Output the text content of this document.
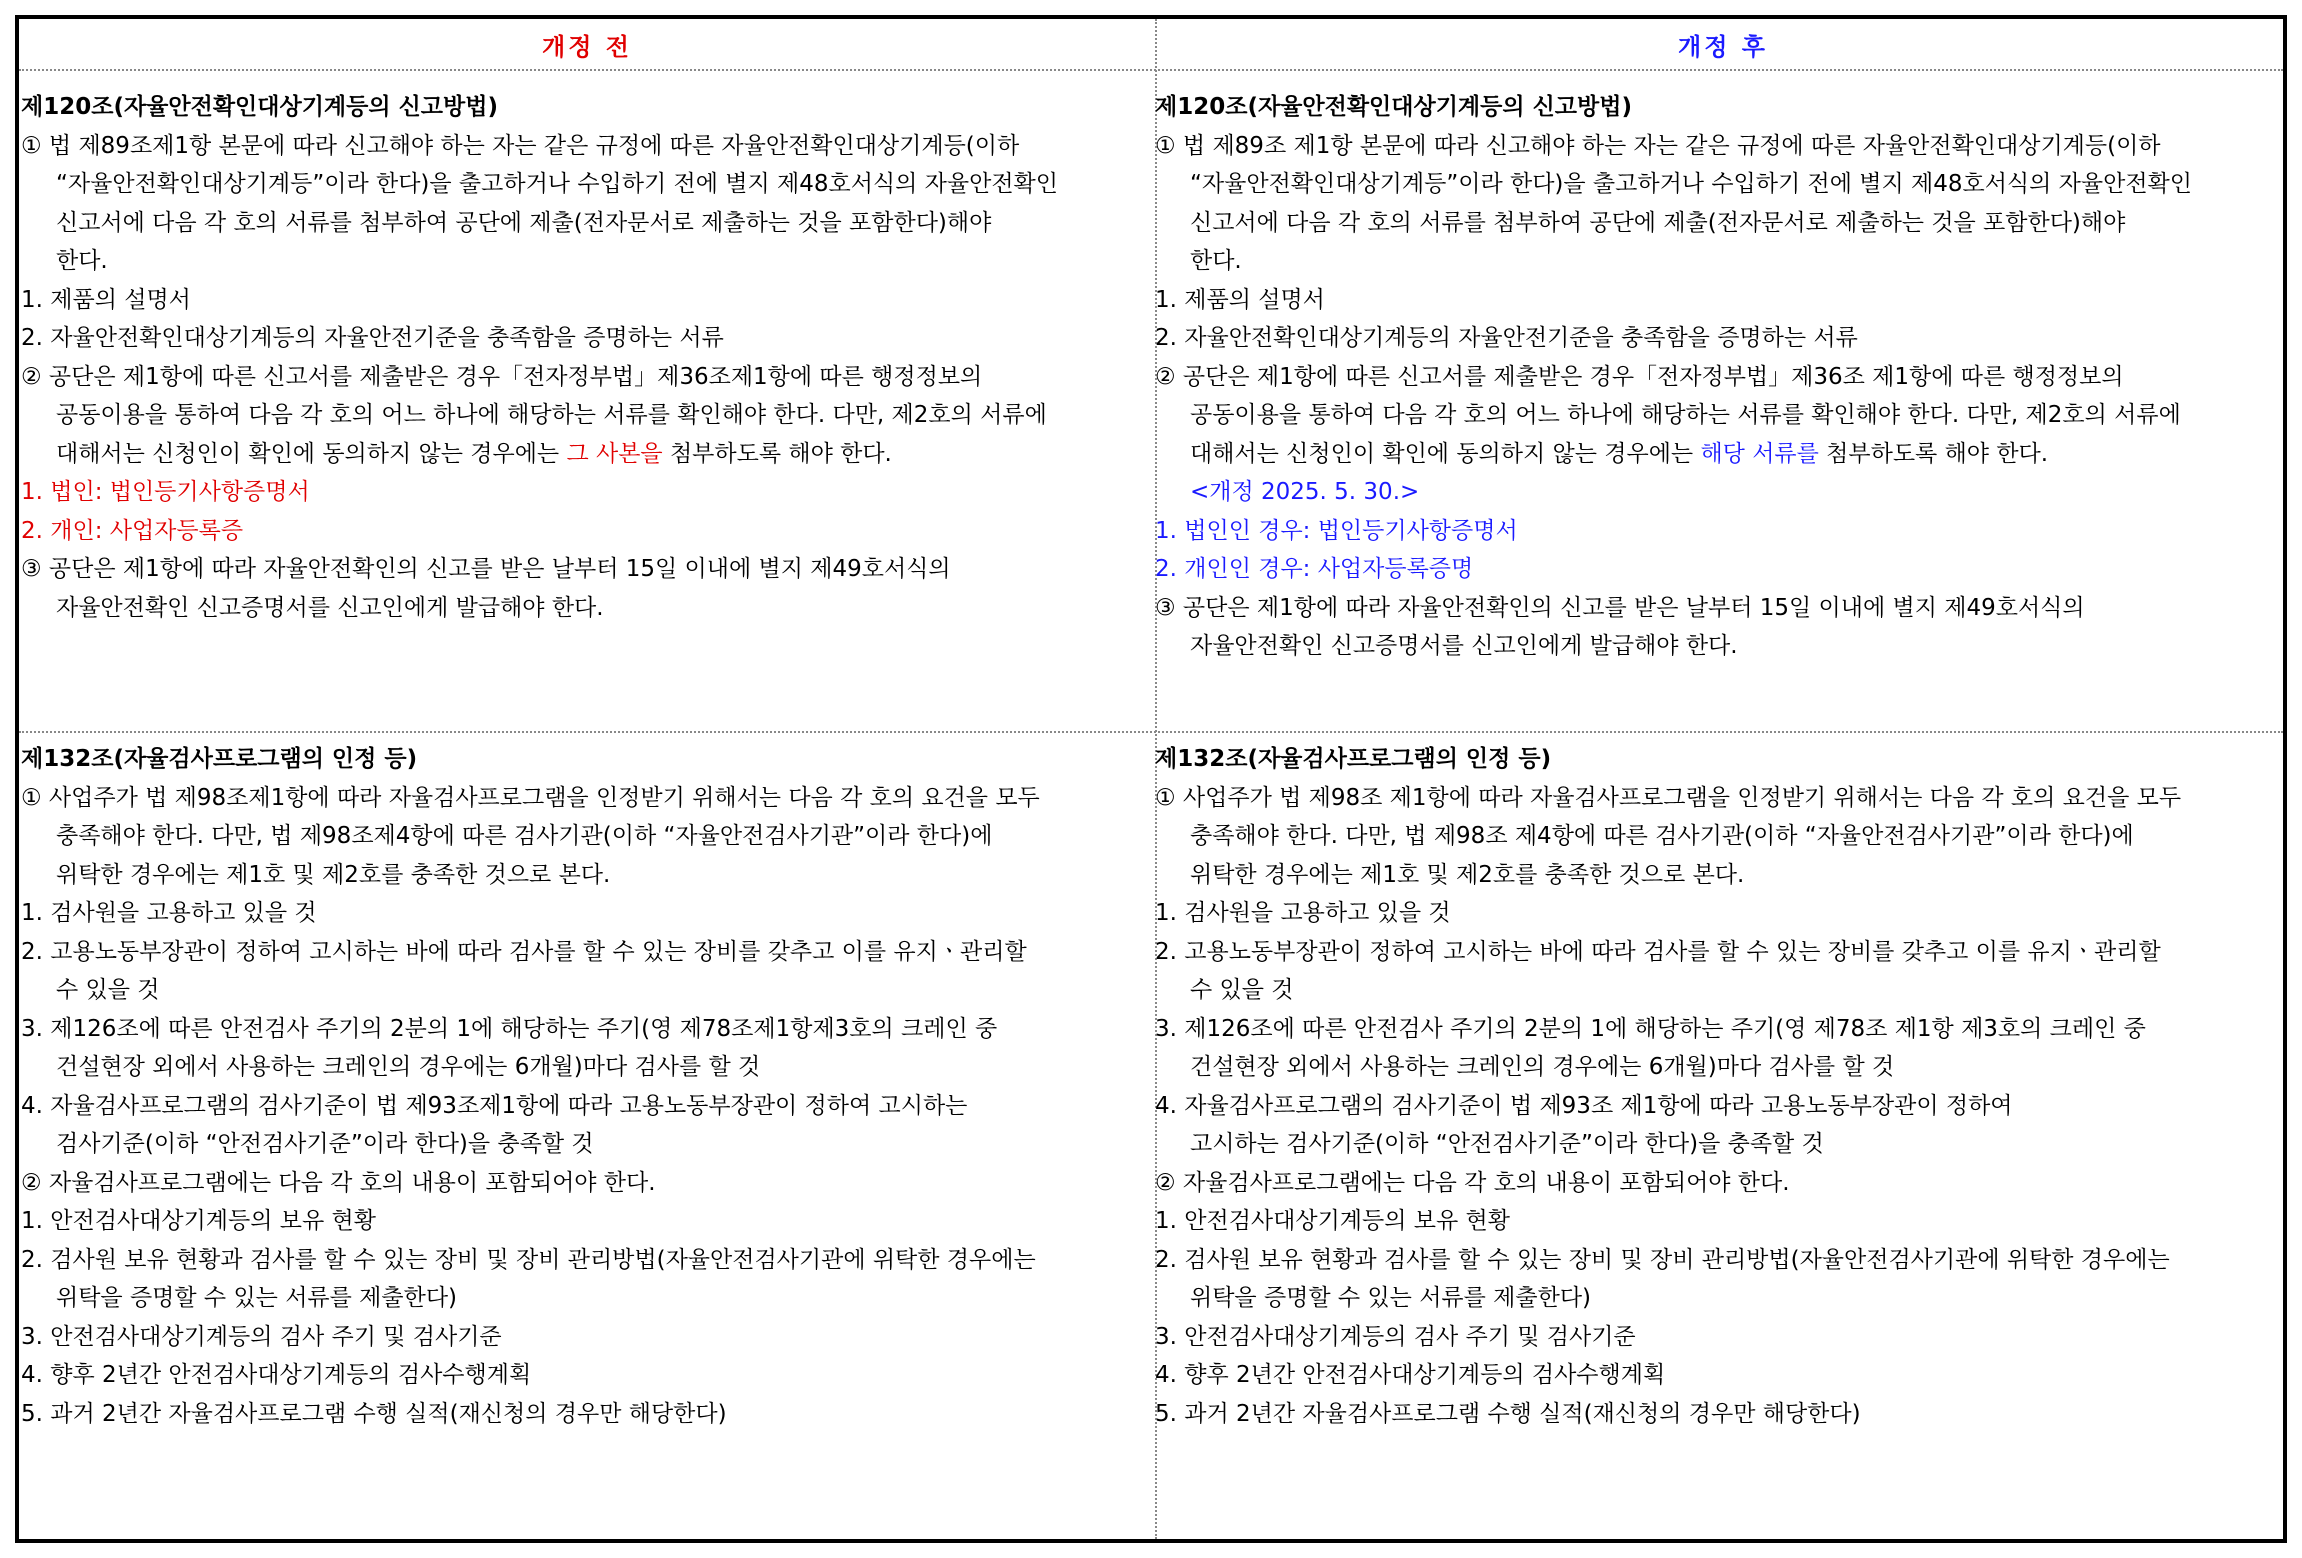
개정 전	개정 후
제120조(자율안전확인대상기계등의 신고방법)
① 법 제89조제1항 본문에 따라 신고해야 하는 자는 같은 규정에 따른 자율안전확인대상기계등(이하
“자율안전확인대상기계등”이라 한다)을 출고하거나 수입하기 전에 별지 제48호서식의 자율안전확인
신고서에 다음 각 호의 서류를 첨부하여 공단에 제출(전자문서로 제출하는 것을 포함한다)해야
한다.
1. 제품의 설명서
2. 자율안전확인대상기계등의 자율안전기준을 충족함을 증명하는 서류
② 공단은 제1항에 따른 신고서를 제출받은 경우「전자정부법」제36조제1항에 따른 행정정보의
공동이용을 통하여 다음 각 호의 어느 하나에 해당하는 서류를 확인해야 한다. 다만, 제2호의 서류에
대해서는 신청인이 확인에 동의하지 않는 경우에는 그 사본을 첨부하도록 해야 한다.
1. 법인: 법인등기사항증명서
2. 개인: 사업자등록증
③ 공단은 제1항에 따라 자율안전확인의 신고를 받은 날부터 15일 이내에 별지 제49호서식의
자율안전확인 신고증명서를 신고인에게 발급해야 한다.
제120조(자율안전확인대상기계등의 신고방법)
① 법 제89조 제1항 본문에 따라 신고해야 하는 자는 같은 규정에 따른 자율안전확인대상기계등(이하
“자율안전확인대상기계등”이라 한다)을 출고하거나 수입하기 전에 별지 제48호서식의 자율안전확인
신고서에 다음 각 호의 서류를 첨부하여 공단에 제출(전자문서로 제출하는 것을 포함한다)해야
한다.
1. 제품의 설명서
2. 자율안전확인대상기계등의 자율안전기준을 충족함을 증명하는 서류
② 공단은 제1항에 따른 신고서를 제출받은 경우「전자정부법」제36조 제1항에 따른 행정정보의
공동이용을 통하여 다음 각 호의 어느 하나에 해당하는 서류를 확인해야 한다. 다만, 제2호의 서류에
대해서는 신청인이 확인에 동의하지 않는 경우에는 해당 서류를 첨부하도록 해야 한다.
<개정 2025. 5. 30.>
1. 법인인 경우: 법인등기사항증명서
2. 개인인 경우: 사업자등록증명
③ 공단은 제1항에 따라 자율안전확인의 신고를 받은 날부터 15일 이내에 별지 제49호서식의
자율안전확인 신고증명서를 신고인에게 발급해야 한다.
제132조(자율검사프로그램의 인정 등)
① 사업주가 법 제98조제1항에 따라 자율검사프로그램을 인정받기 위해서는 다음 각 호의 요건을 모두
충족해야 한다. 다만, 법 제98조제4항에 따른 검사기관(이하 “자율안전검사기관”이라 한다)에
위탁한 경우에는 제1호 및 제2호를 충족한 것으로 본다.
1. 검사원을 고용하고 있을 것
2. 고용노동부장관이 정하여 고시하는 바에 따라 검사를 할 수 있는 장비를 갖추고 이를 유지ㆍ관리할
수 있을 것
3. 제126조에 따른 안전검사 주기의 2분의 1에 해당하는 주기(영 제78조제1항제3호의 크레인 중
건설현장 외에서 사용하는 크레인의 경우에는 6개월)마다 검사를 할 것
4. 자율검사프로그램의 검사기준이 법 제93조제1항에 따라 고용노동부장관이 정하여 고시하는
검사기준(이하 “안전검사기준”이라 한다)을 충족할 것
② 자율검사프로그램에는 다음 각 호의 내용이 포함되어야 한다.
1. 안전검사대상기계등의 보유 현황
2. 검사원 보유 현황과 검사를 할 수 있는 장비 및 장비 관리방법(자율안전검사기관에 위탁한 경우에는
위탁을 증명할 수 있는 서류를 제출한다)
3. 안전검사대상기계등의 검사 주기 및 검사기준
4. 향후 2년간 안전검사대상기계등의 검사수행계획
5. 과거 2년간 자율검사프로그램 수행 실적(재신청의 경우만 해당한다)
제132조(자율검사프로그램의 인정 등)
① 사업주가 법 제98조 제1항에 따라 자율검사프로그램을 인정받기 위해서는 다음 각 호의 요건을 모두
충족해야 한다. 다만, 법 제98조 제4항에 따른 검사기관(이하 “자율안전검사기관”이라 한다)에
위탁한 경우에는 제1호 및 제2호를 충족한 것으로 본다.
1. 검사원을 고용하고 있을 것
2. 고용노동부장관이 정하여 고시하는 바에 따라 검사를 할 수 있는 장비를 갖추고 이를 유지ㆍ관리할
수 있을 것
3. 제126조에 따른 안전검사 주기의 2분의 1에 해당하는 주기(영 제78조 제1항 제3호의 크레인 중
건설현장 외에서 사용하는 크레인의 경우에는 6개월)마다 검사를 할 것
4. 자율검사프로그램의 검사기준이 법 제93조 제1항에 따라 고용노동부장관이 정하여
고시하는 검사기준(이하 “안전검사기준”이라 한다)을 충족할 것
② 자율검사프로그램에는 다음 각 호의 내용이 포함되어야 한다.
1. 안전검사대상기계등의 보유 현황
2. 검사원 보유 현황과 검사를 할 수 있는 장비 및 장비 관리방법(자율안전검사기관에 위탁한 경우에는
위탁을 증명할 수 있는 서류를 제출한다)
3. 안전검사대상기계등의 검사 주기 및 검사기준
4. 향후 2년간 안전검사대상기계등의 검사수행계획
5. 과거 2년간 자율검사프로그램 수행 실적(재신청의 경우만 해당한다)
